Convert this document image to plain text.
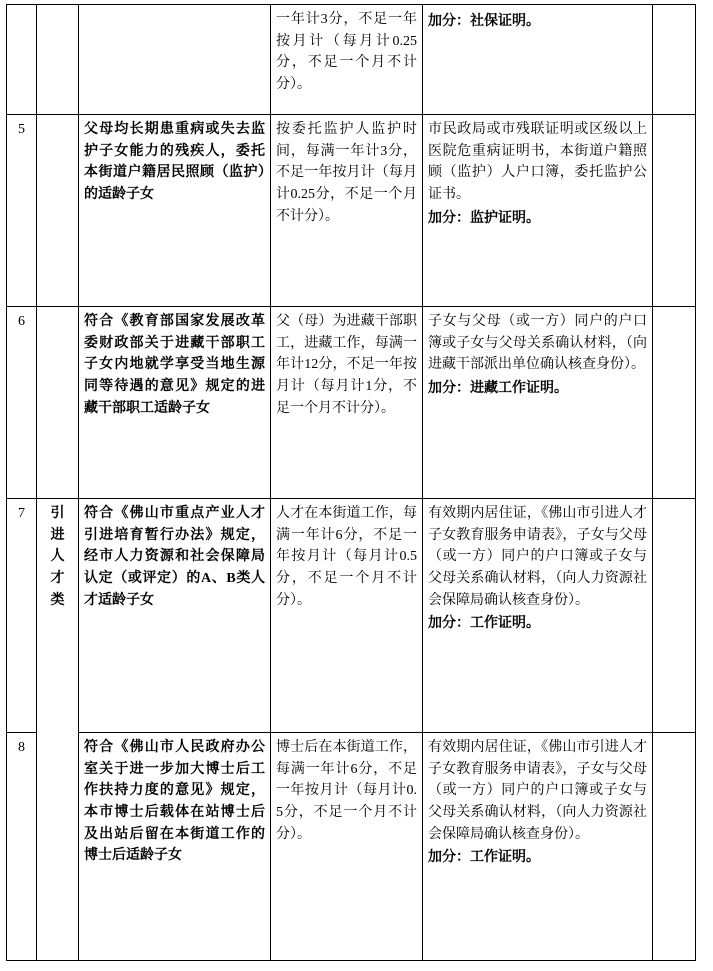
			一年计3分，不足一年按月计（每月计0.25分，不足一个月不计分）。	加分：社保证明。	

5		父母均长期患重病或失去监护子女能力的残疾人，委托本街道户籍居民照顾（监护）的适龄子女	按委托监护人监护时间，每满一年计3分，不足一年按月计（每月计0.25分，不足一个月不计分）。	市民政局或市残联证明或区级以上医院危重病证明书，本街道户籍照顾（监护）人户口簿，委托监护公证书。
加分：监护证明。	

6		符合《教育部国家发展改革委财政部关于进藏干部职工子女内地就学享受当地生源同等待遇的意见》规定的进藏干部职工适龄子女	父（母）为进藏干部职工，进藏工作，每满一年计12分，不足一年按月计（每月计1分，不足一个月不计分）。	子女与父母（或一方）同户的户口簿或子女与父母关系确认材料，（向进藏干部派出单位确认核查身份）。
加分：进藏工作证明。	

7	引进人才类	符合《佛山市重点产业人才引进培育暂行办法》规定，经市人力资源和社会保障局认定（或评定）的A、B类人才适龄子女	人才在本街道工作，每满一年计6分，不足一年按月计（每月计0.5分，不足一个月不计分）。	有效期内居住证，《佛山市引进人才子女教育服务申请表》，子女与父母（或一方）同户的户口簿或子女与父母关系确认材料，（向人力资源社会保障局确认核查身份）。
加分：工作证明。	

8		符合《佛山市人民政府办公室关于进一步加大博士后工作扶持力度的意见》规定，本市博士后载体在站博士后及出站后留在本街道工作的博士后适龄子女	博士后在本街道工作，每满一年计6分，不足一年按月计（每月计0.5分，不足一个月不计分）。	有效期内居住证，《佛山市引进人才子女教育服务申请表》，子女与父母（或一方）同户的户口簿或子女与父母关系确认材料，（向人力资源社会保障局确认核查身份）。
加分：工作证明。	
